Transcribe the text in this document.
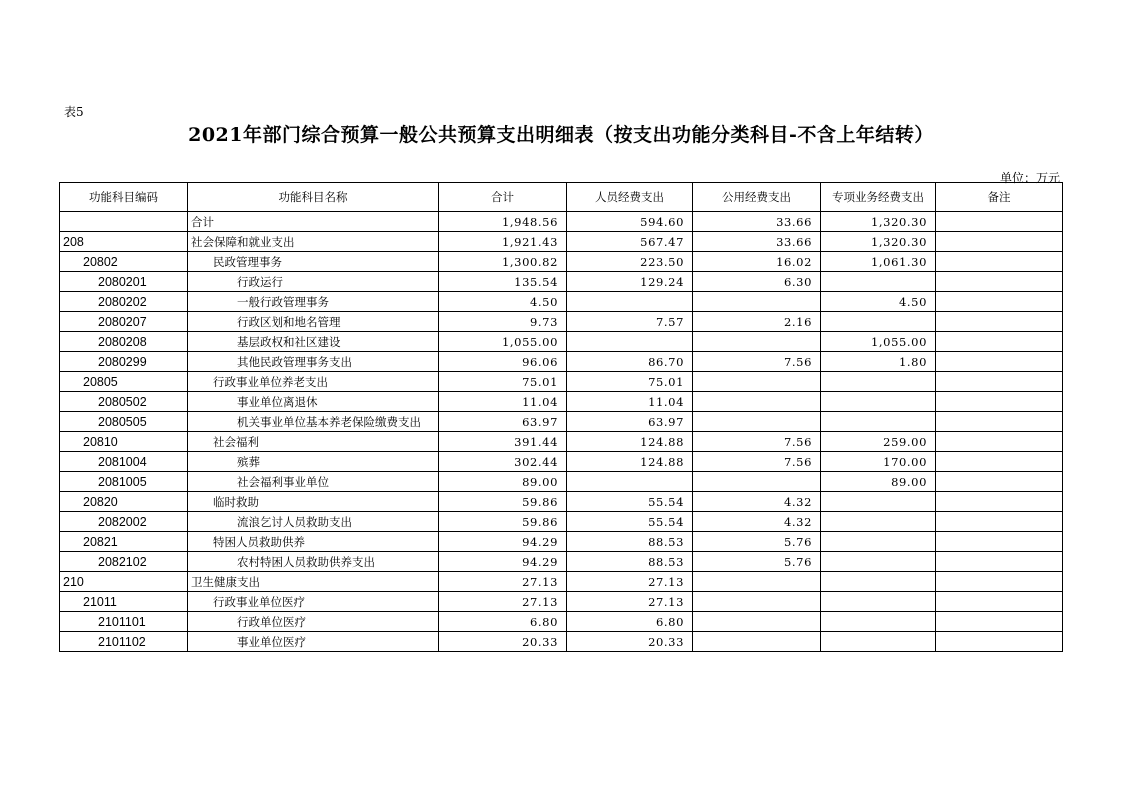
表5
2021年部门综合预算一般公共预算支出明细表（按支出功能分类科目-不含上年结转）
单位：万元
功能科目编码	功能科目名称	合计	人员经费支出	公用经费支出	专项业务经费支出	备注
	合计	1,948.56	594.60	33.66	1,320.30	
208	社会保障和就业支出	1,921.43	567.47	33.66	1,320.30	
20802	民政管理事务	1,300.82	223.50	16.02	1,061.30	
2080201	行政运行	135.54	129.24	6.30		
2080202	一般行政管理事务	4.50			4.50	
2080207	行政区划和地名管理	9.73	7.57	2.16		
2080208	基层政权和社区建设	1,055.00			1,055.00	
2080299	其他民政管理事务支出	96.06	86.70	7.56	1.80	
20805	行政事业单位养老支出	75.01	75.01			
2080502	事业单位离退休	11.04	11.04			
2080505	机关事业单位基本养老保险缴费支出	63.97	63.97			
20810	社会福利	391.44	124.88	7.56	259.00	
2081004	殡葬	302.44	124.88	7.56	170.00	
2081005	社会福利事业单位	89.00			89.00	
20820	临时救助	59.86	55.54	4.32		
2082002	流浪乞讨人员救助支出	59.86	55.54	4.32		
20821	特困人员救助供养	94.29	88.53	5.76		
2082102	农村特困人员救助供养支出	94.29	88.53	5.76		
210	卫生健康支出	27.13	27.13			
21011	行政事业单位医疗	27.13	27.13			
2101101	行政单位医疗	6.80	6.80			
2101102	事业单位医疗	20.33	20.33			
